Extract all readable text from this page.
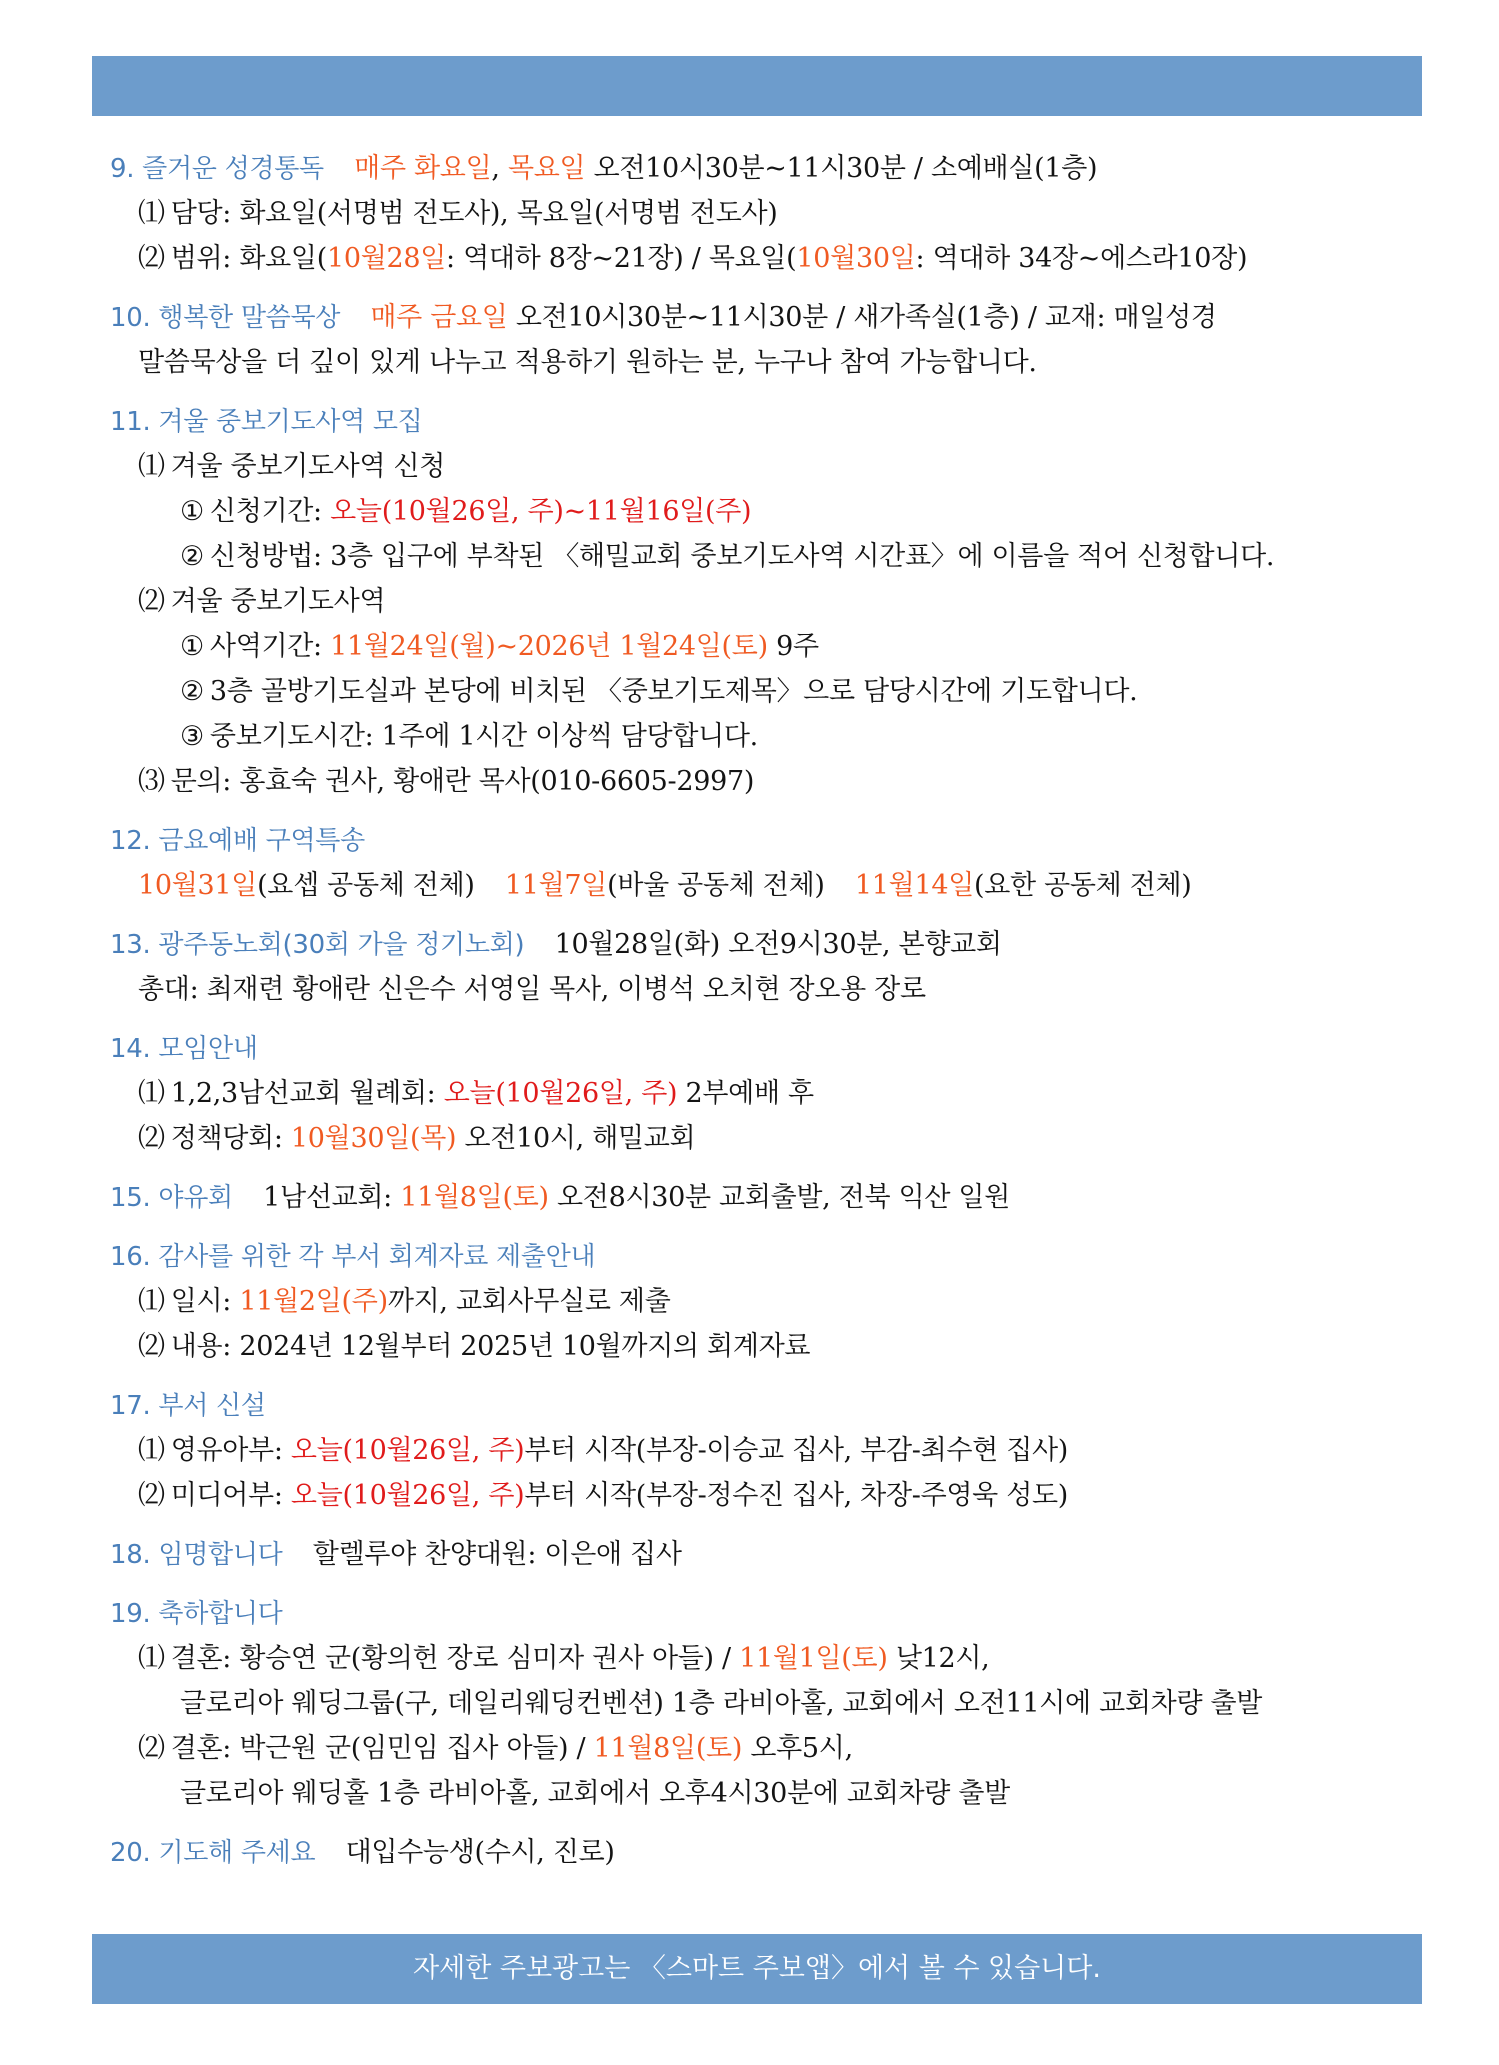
9. 즐거운 성경통독 매주 화요일, 목요일 오전10시30분~11시30분 / 소예배실(1층)
⑴ 담당: 화요일(서명범 전도사), 목요일(서명범 전도사)
⑵ 범위: 화요일(10월28일: 역대하 8장~21장) / 목요일(10월30일: 역대하 34장~에스라10장)
10. 행복한 말씀묵상 매주 금요일 오전10시30분~11시30분 / 새가족실(1층) / 교재: 매일성경
말씀묵상을 더 깊이 있게 나누고 적용하기 원하는 분, 누구나 참여 가능합니다.
11. 겨울 중보기도사역 모집
⑴ 겨울 중보기도사역 신청
① 신청기간: 오늘(10월26일, 주)~11월16일(주)
② 신청방법: 3층 입구에 부착된 〈해밀교회 중보기도사역 시간표〉에 이름을 적어 신청합니다.
⑵ 겨울 중보기도사역
① 사역기간: 11월24일(월)~2026년 1월24일(토) 9주
② 3층 골방기도실과 본당에 비치된 〈중보기도제목〉으로 담당시간에 기도합니다.
③ 중보기도시간: 1주에 1시간 이상씩 담당합니다.
⑶ 문의: 홍효숙 권사, 황애란 목사(010-6605-2997)
12. 금요예배 구역특송
10월31일(요셉 공동체 전체) 11월7일(바울 공동체 전체) 11월14일(요한 공동체 전체)
13. 광주동노회(30회 가을 정기노회) 10월28일(화) 오전9시30분, 본향교회
총대: 최재련 황애란 신은수 서영일 목사, 이병석 오치현 장오용 장로
14. 모임안내
⑴ 1,2,3남선교회 월례회: 오늘(10월26일, 주) 2부예배 후
⑵ 정책당회: 10월30일(목) 오전10시, 해밀교회
15. 야유회 1남선교회: 11월8일(토) 오전8시30분 교회출발, 전북 익산 일원
16. 감사를 위한 각 부서 회계자료 제출안내
⑴ 일시: 11월2일(주)까지, 교회사무실로 제출
⑵ 내용: 2024년 12월부터 2025년 10월까지의 회계자료
17. 부서 신설
⑴ 영유아부: 오늘(10월26일, 주)부터 시작(부장-이승교 집사, 부감-최수현 집사)
⑵ 미디어부: 오늘(10월26일, 주)부터 시작(부장-정수진 집사, 차장-주영욱 성도)
18. 임명합니다 할렐루야 찬양대원: 이은애 집사
19. 축하합니다
⑴ 결혼: 황승연 군(황의헌 장로 심미자 권사 아들) / 11월1일(토) 낮12시,
글로리아 웨딩그룹(구, 데일리웨딩컨벤션) 1층 라비아홀, 교회에서 오전11시에 교회차량 출발
⑵ 결혼: 박근원 군(임민임 집사 아들) / 11월8일(토) 오후5시,
글로리아 웨딩홀 1층 라비아홀, 교회에서 오후4시30분에 교회차량 출발
20. 기도해 주세요 대입수능생(수시, 진로)
자세한 주보광고는 〈스마트 주보앱〉에서 볼 수 있습니다.
